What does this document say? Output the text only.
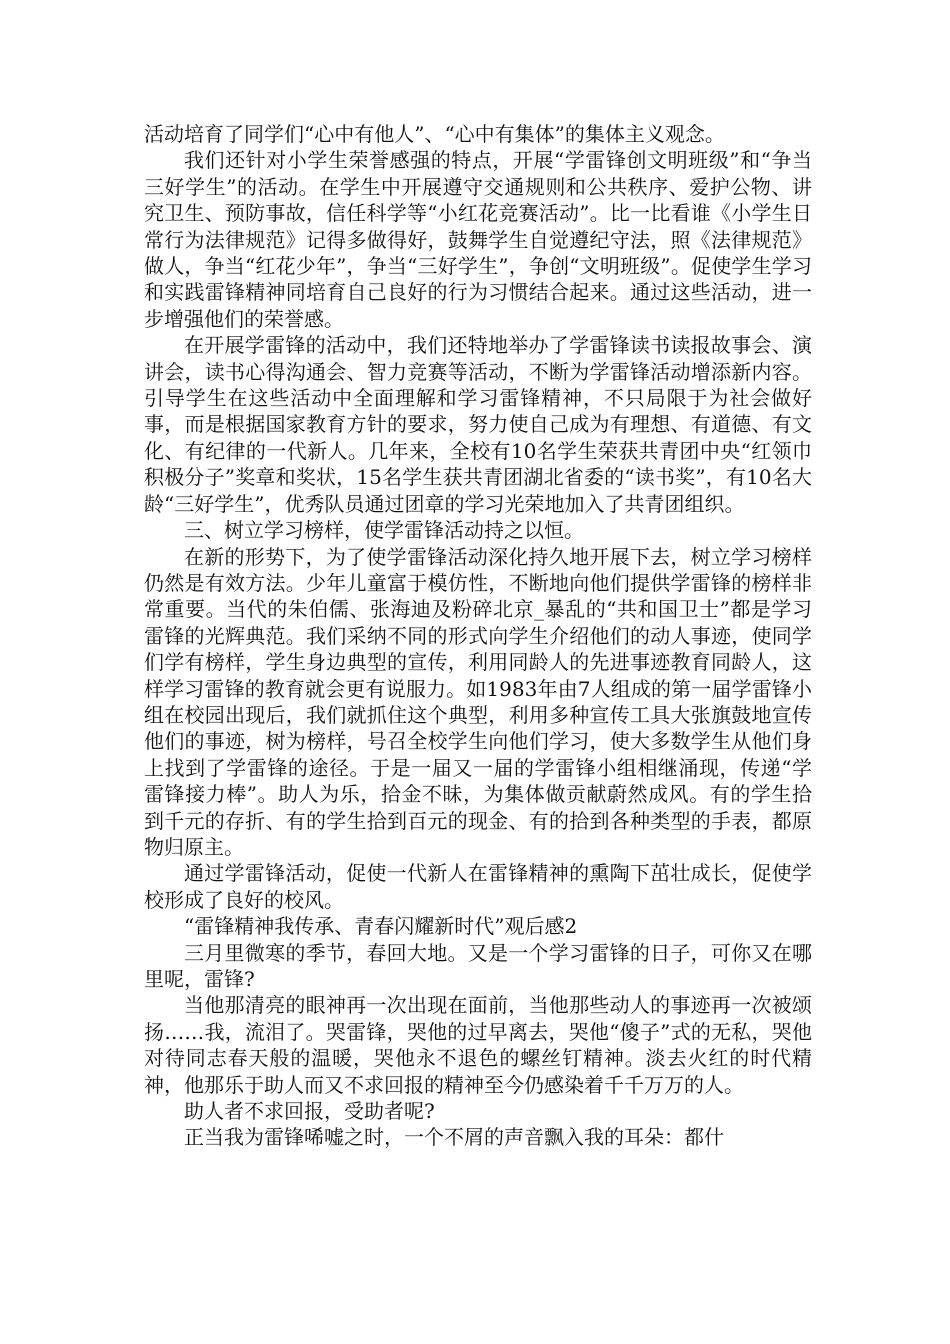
活动培育了同学们“心中有他人”、“心中有集体”的集体主义观念。

我们还针对小学生荣誉感强的特点，开展“学雷锋创文明班级”和“争当三好学生”的活动。在学生中开展遵守交通规则和公共秩序、爱护公物、讲究卫生、预防事故，信任科学等“小红花竞赛活动”。比一比看谁《小学生日常行为法律规范》记得多做得好，鼓舞学生自觉遵纪守法，照《法律规范》做人，争当“红花少年”，争当“三好学生”，争创“文明班级”。促使学生学习和实践雷锋精神同培育自己良好的行为习惯结合起来。通过这些活动，进一步增强他们的荣誉感。

在开展学雷锋的活动中，我们还特地举办了学雷锋读书读报故事会、演讲会，读书心得沟通会、智力竞赛等活动，不断为学雷锋活动增添新内容。引导学生在这些活动中全面理解和学习雷锋精神，不只局限于为社会做好事，而是根据国家教育方针的要求，努力使自己成为有理想、有道德、有文化、有纪律的一代新人。几年来，全校有10名学生荣获共青团中央“红领巾积极分子”奖章和奖状，15名学生获共青团湖北省委的“读书奖”，有10名大龄“三好学生”，优秀队员通过团章的学习光荣地加入了共青团组织。

三、树立学习榜样，使学雷锋活动持之以恒。

在新的形势下，为了使学雷锋活动深化持久地开展下去，树立学习榜样仍然是有效方法。少年儿童富于模仿性，不断地向他们提供学雷锋的榜样非常重要。当代的朱伯儒、张海迪及粉碎北京_暴乱的“共和国卫士”都是学习雷锋的光辉典范。我们采纳不同的形式向学生介绍他们的动人事迹，使同学们学有榜样，学生身边典型的宣传，利用同龄人的先进事迹教育同龄人，这样学习雷锋的教育就会更有说服力。如1983年由7人组成的第一届学雷锋小组在校园出现后，我们就抓住这个典型，利用多种宣传工具大张旗鼓地宣传他们的事迹，树为榜样，号召全校学生向他们学习，使大多数学生从他们身上找到了学雷锋的途径。于是一届又一届的学雷锋小组相继涌现，传递“学雷锋接力棒”。助人为乐，拾金不昧，为集体做贡献蔚然成风。有的学生拾到千元的存折、有的学生拾到百元的现金、有的拾到各种类型的手表，都原物归原主。

通过学雷锋活动，促使一代新人在雷锋精神的熏陶下茁壮成长，促使学校形成了良好的校风。

“雷锋精神我传承、青春闪耀新时代”观后感2

三月里微寒的季节，春回大地。又是一个学习雷锋的日子，可你又在哪里呢，雷锋?

当他那清亮的眼神再一次出现在面前，当他那些动人的事迹再一次被颂扬……我，流泪了。哭雷锋，哭他的过早离去，哭他“傻子”式的无私，哭他对待同志春天般的温暖，哭他永不退色的螺丝钉精神。淡去火红的时代精神，他那乐于助人而又不求回报的精神至今仍感染着千千万万的人。

助人者不求回报，受助者呢?

正当我为雷锋唏嘘之时，一个不屑的声音飘入我的耳朵：都什
